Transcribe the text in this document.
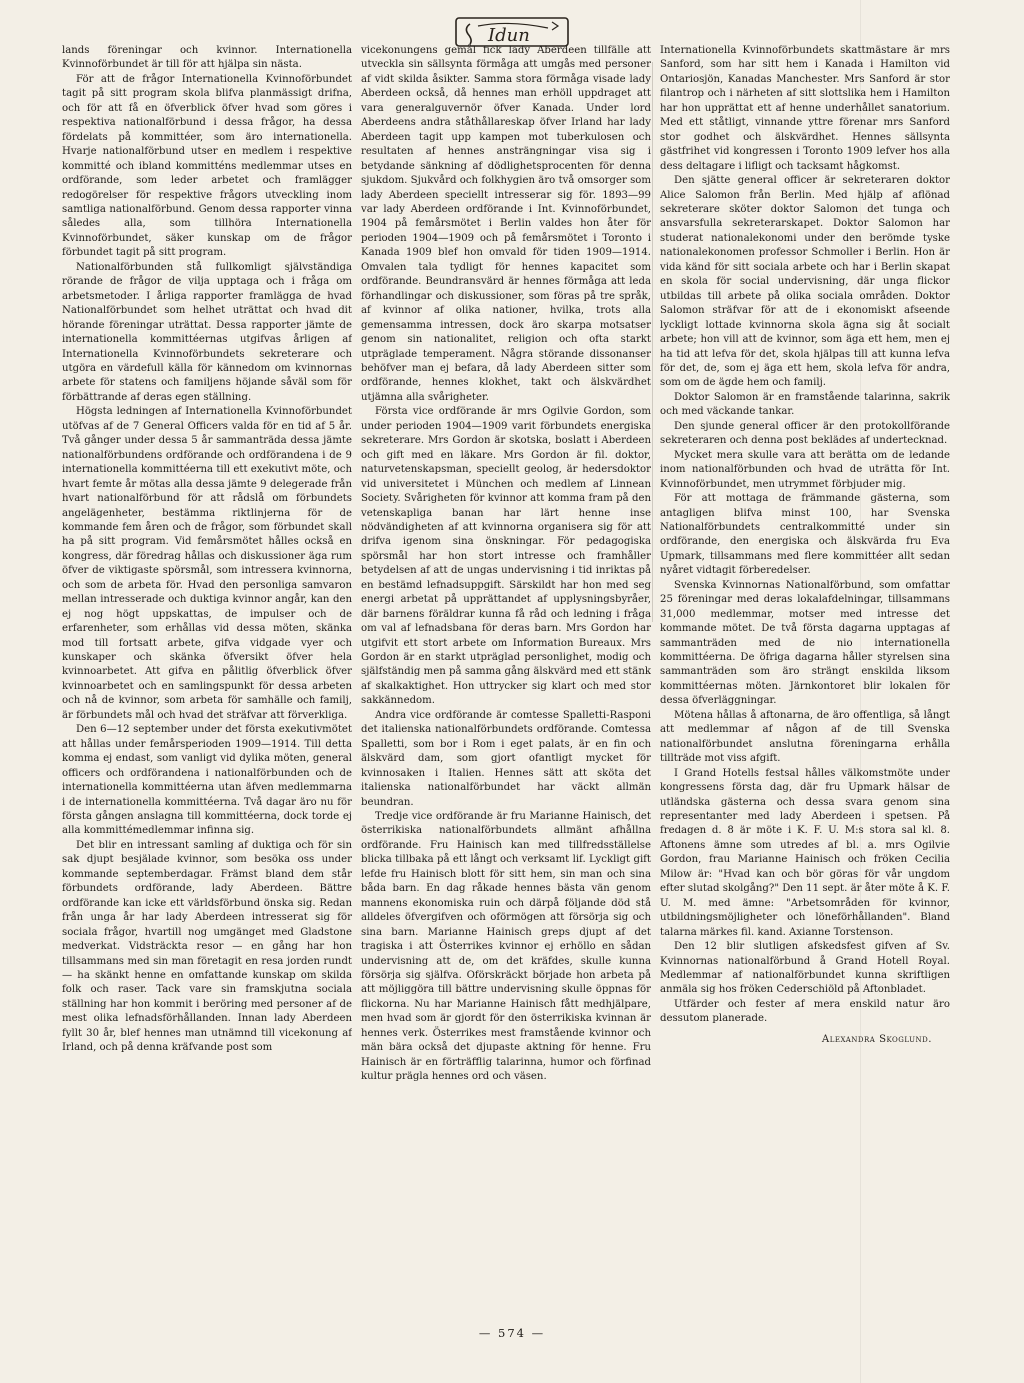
Idun

lands föreningar och kvinnor. Internationella Kvinnoförbundet är till för att hjälpa sin nästa.

För att de frågor Internationella Kvinnoförbundet tagit på sitt program skola blifva planmässigt drifna, och för att få en öfverblick öfver hvad som göres i respektiva nationalförbund i dessa frågor, ha dessa fördelats på kommittéer, som äro internationella. Hvarje nationalförbund utser en medlem i respektive kommitté och ibland kommitténs medlemmar utses en ordförande, som leder arbetet och framlägger redogörelser för respektive frågors utveckling inom samtliga nationalförbund. Genom dessa rapporter vinna således alla, som tillhöra Internationella Kvinnoförbundet, säker kunskap om de frågor förbundet tagit på sitt program.

Nationalförbunden stå fullkomligt självständiga rörande de frågor de vilja upptaga och i fråga om arbetsmetoder. I årliga rapporter framlägga de hvad Nationalförbundet som helhet uträttat och hvad dit hörande föreningar uträttat. Dessa rapporter jämte de internationella kommittéernas utgifvas årligen af Internationella Kvinnoförbundets sekreterare och utgöra en värdefull källa för kännedom om kvinnornas arbete för statens och familjens höjande såväl som för förbättrande af deras egen ställning.

Högsta ledningen af Internationella Kvinnoförbundet utöfvas af de 7 General Officers valda för en tid af 5 år. Två gånger under dessa 5 år sammanträda dessa jämte nationalförbundens ordförande och ordförandena i de 9 internationella kommittéerna till ett exekutivt möte, och hvart femte år mötas alla dessa jämte 9 delegerade från hvart nationalförbund för att rådslå om förbundets angelägenheter, bestämma riktlinjerna för de kommande fem åren och de frågor, som förbundet skall ha på sitt program. Vid femårsmötet hålles också en kongress, där föredrag hållas och diskussioner äga rum öfver de viktigaste spörsmål, som intressera kvinnorna, och som de arbeta för. Hvad den personliga samvaron mellan intresserade och duktiga kvinnor angår, kan den ej nog högt uppskattas, de impulser och de erfarenheter, som erhållas vid dessa möten, skänka mod till fortsatt arbete, gifva vidgade vyer och kunskaper och skänka öfversikt öfver hela kvinnoarbetet. Att gifva en pålitlig öfverblick öfver kvinnoarbetet och en samlingspunkt för dessa arbeten och nå de kvinnor, som arbeta för samhälle och familj, är förbundets mål och hvad det sträfvar att förverkliga.

Den 6—12 september under det första exekutivmötet att hållas under femårsperioden 1909—1914. Till detta komma ej endast, som vanligt vid dylika möten, general officers och ordförandena i nationalförbunden och de internationella kommittéerna utan äfven medlemmarna i de internationella kommittéerna. Två dagar äro nu för första gången anslagna till kommittéerna, dock torde ej alla kommittémedlemmar infinna sig.

Det blir en intressant samling af duktiga och för sin sak djupt besjälade kvinnor, som besöka oss under kommande septemberdagar. Främst bland dem står förbundets ordförande, lady Aberdeen. Bättre ordförande kan icke ett världsförbund önska sig. Redan från unga år har lady Aberdeen intresserat sig för sociala frågor, hvartill nog umgänget med Gladstone medverkat. Vidsträckta resor — en gång har hon tillsammans med sin man företagit en resa jorden rundt — ha skänkt henne en omfattande kunskap om skilda folk och raser. Tack vare sin framskjutna sociala ställning har hon kommit i beröring med personer af de mest olika lefnadsförhållanden. Innan lady Aberdeen fyllt 30 år, blef hennes man utnämnd till vicekonung af Irland, och på denna kräfvande post som

vicekonungens gemål fick lady Aberdeen tillfälle att utveckla sin sällsynta förmåga att umgås med personer af vidt skilda åsikter. Samma stora förmåga visade lady Aberdeen också, då hennes man erhöll uppdraget att vara generalguvernör öfver Kanada. Under lord Aberdeens andra ståthållareskap öfver Irland har lady Aberdeen tagit upp kampen mot tuberkulosen och resultaten af hennes ansträngningar visa sig i betydande sänkning af dödlighetsprocenten för denna sjukdom. Sjukvård och folkhygien äro två omsorger som lady Aberdeen speciellt intresserar sig för. 1893—99 var lady Aberdeen ordförande i Int. Kvinnoförbundet, 1904 på femårsmötet i Berlin valdes hon åter för perioden 1904—1909 och på femårsmötet i Toronto i Kanada 1909 blef hon omvald för tiden 1909—1914. Omvalen tala tydligt för hennes kapacitet som ordförande. Beundransvärd är hennes förmåga att leda förhandlingar och diskussioner, som föras på tre språk, af kvinnor af olika nationer, hvilka, trots alla gemensamma intressen, dock äro skarpa motsatser genom sin nationalitet, religion och ofta starkt utpräglade temperament. Några störande dissonanser behöfver man ej befara, då lady Aberdeen sitter som ordförande, hennes klokhet, takt och älskvärdhet utjämna alla svårigheter.

Första vice ordförande är mrs Ogilvie Gordon, som under perioden 1904—1909 varit förbundets energiska sekreterare. Mrs Gordon är skotska, boslatt i Aberdeen och gift med en läkare. Mrs Gordon är fil. doktor, naturvetenskapsman, speciellt geolog, är hedersdoktor vid universitetet i München och medlem af Linnean Society. Svårigheten för kvinnor att komma fram på den vetenskapliga banan har lärt henne inse nödvändigheten af att kvinnorna organisera sig för att drifva igenom sina önskningar. För pedagogiska spörsmål har hon stort intresse och framhåller betydelsen af att de ungas undervisning i tid inriktas på en bestämd lefnadsuppgift. Särskildt har hon med seg energi arbetat på upprättandet af upplysningsbyråer, där barnens föräldrar kunna få råd och ledning i fråga om val af lefnadsbana för deras barn. Mrs Gordon har utgifvit ett stort arbete om Information Bureaux. Mrs Gordon är en starkt utpräglad personlighet, modig och själfständig men på samma gång älskvärd med ett stänk af skalkaktighet. Hon uttrycker sig klart och med stor sakkännedom.

Andra vice ordförande är comtesse Spalletti-Rasponi det italienska nationalförbundets ordförande. Comtessa Spalletti, som bor i Rom i eget palats, är en fin och älskvärd dam, som gjort ofantligt mycket för kvinnosaken i Italien. Hennes sätt att sköta det italienska nationalförbundet har väckt allmän beundran.

Tredje vice ordförande är fru Marianne Hainisch, det österrikiska nationalförbundets allmänt afhållna ordförande. Fru Hainisch kan med tillfredsställelse blicka tillbaka på ett långt och verksamt lif. Lyckligt gift lefde fru Hainisch blott för sitt hem, sin man och sina båda barn. En dag råkade hennes bästa vän genom mannens ekonomiska ruin och därpå följande död stå alldeles öfvergifven och oförmögen att försörja sig och sina barn. Marianne Hainisch greps djupt af det tragiska i att Österrikes kvinnor ej erhöllo en sådan undervisning att de, om det kräfdes, skulle kunna försörja sig själfva. Oförskräckt började hon arbeta på att möjliggöra till bättre undervisning skulle öppnas för flickorna. Nu har Marianne Hainisch fått medhjälpare, men hvad som är gjordt för den österrikiska kvinnan är hennes verk. Österrikes mest framstående kvinnor och män bära också det djupaste aktning för henne. Fru Hainisch är en förträfflig talarinna, humor och förfinad kultur prägla hennes ord och väsen.

Internationella Kvinnoförbundets skattmästare är mrs Sanford, som har sitt hem i Kanada i Hamilton vid Ontariosjön, Kanadas Manchester. Mrs Sanford är stor filantrop och i närheten af sitt slottslika hem i Hamilton har hon upprättat ett af henne underhållet sanatorium. Med ett ståtligt, vinnande yttre förenar mrs Sanford stor godhet och älskvärdhet. Hennes sällsynta gästfrihet vid kongressen i Toronto 1909 lefver hos alla dess deltagare i lifligt och tacksamt hågkomst.

Den sjätte general officer är sekreteraren doktor Alice Salomon från Berlin. Med hjälp af aflönad sekreterare sköter doktor Salomon det tunga och ansvarsfulla sekreterarskapet. Doktor Salomon har studerat nationalekonomi under den berömde tyske nationalekonomen professor Schmoller i Berlin. Hon är vida känd för sitt sociala arbete och har i Berlin skapat en skola för social undervisning, där unga flickor utbildas till arbete på olika sociala områden. Doktor Salomon sträfvar för att de i ekonomiskt afseende lyckligt lottade kvinnorna skola ägna sig åt socialt arbete; hon vill att de kvinnor, som äga ett hem, men ej ha tid att lefva för det, skola hjälpas till att kunna lefva för det, de, som ej äga ett hem, skola lefva för andra, som om de ägde hem och familj.

Doktor Salomon är en framstående talarinna, sakrik och med väckande tankar.

Den sjunde general officer är den protokollförande sekreteraren och denna post beklädes af undertecknad.

Mycket mera skulle vara att berätta om de ledande inom nationalförbunden och hvad de uträtta för Int. Kvinnoförbundet, men utrymmet förbjuder mig.

För att mottaga de främmande gästerna, som antagligen blifva minst 100, har Svenska Nationalförbundets centralkommitté under sin ordförande, den energiska och älskvärda fru Eva Upmark, tillsammans med flere kommittéer allt sedan nyåret vidtagit förberedelser.

Svenska Kvinnornas Nationalförbund, som omfattar 25 föreningar med deras lokalafdelningar, tillsammans 31,000 medlemmar, motser med intresse det kommande mötet. De två första dagarna upptagas af sammanträden med de nio internationella kommittéerna. De öfriga dagarna håller styrelsen sina sammanträden som äro strängt enskilda liksom kommittéernas möten. Järnkontoret blir lokalen för dessa öfverläggningar.

Mötena hållas å aftonarna, de äro offentliga, så långt att medlemmar af någon af de till Svenska nationalförbundet anslutna föreningarna erhålla tillträde mot viss afgift.

I Grand Hotells festsal hålles välkomstmöte under kongressens första dag, där fru Upmark hälsar de utländska gästerna och dessa svara genom sina representanter med lady Aberdeen i spetsen. På fredagen d. 8 är möte i K. F. U. M:s stora sal kl. 8. Aftonens ämne som utredes af bl. a. mrs Ogilvie Gordon, frau Marianne Hainisch och fröken Cecilia Milow är: "Hvad kan och bör göras för vår ungdom efter slutad skolgång?" Den 11 sept. är åter möte å K. F. U. M. med ämne: "Arbetsområden för kvinnor, utbildningsmöjligheter och löneförhållanden". Bland talarna märkes fil. kand. Axianne Torstenson.

Den 12 blir slutligen afskedsfest gifven af Sv. Kvinnornas nationalförbund å Grand Hotell Royal. Medlemmar af nationalförbundet kunna skriftligen anmäla sig hos fröken Cederschiöld på Aftonbladet.

Utfärder och fester af mera enskild natur äro dessutom planerade.

Alexandra Skoglund.

— 574 —
